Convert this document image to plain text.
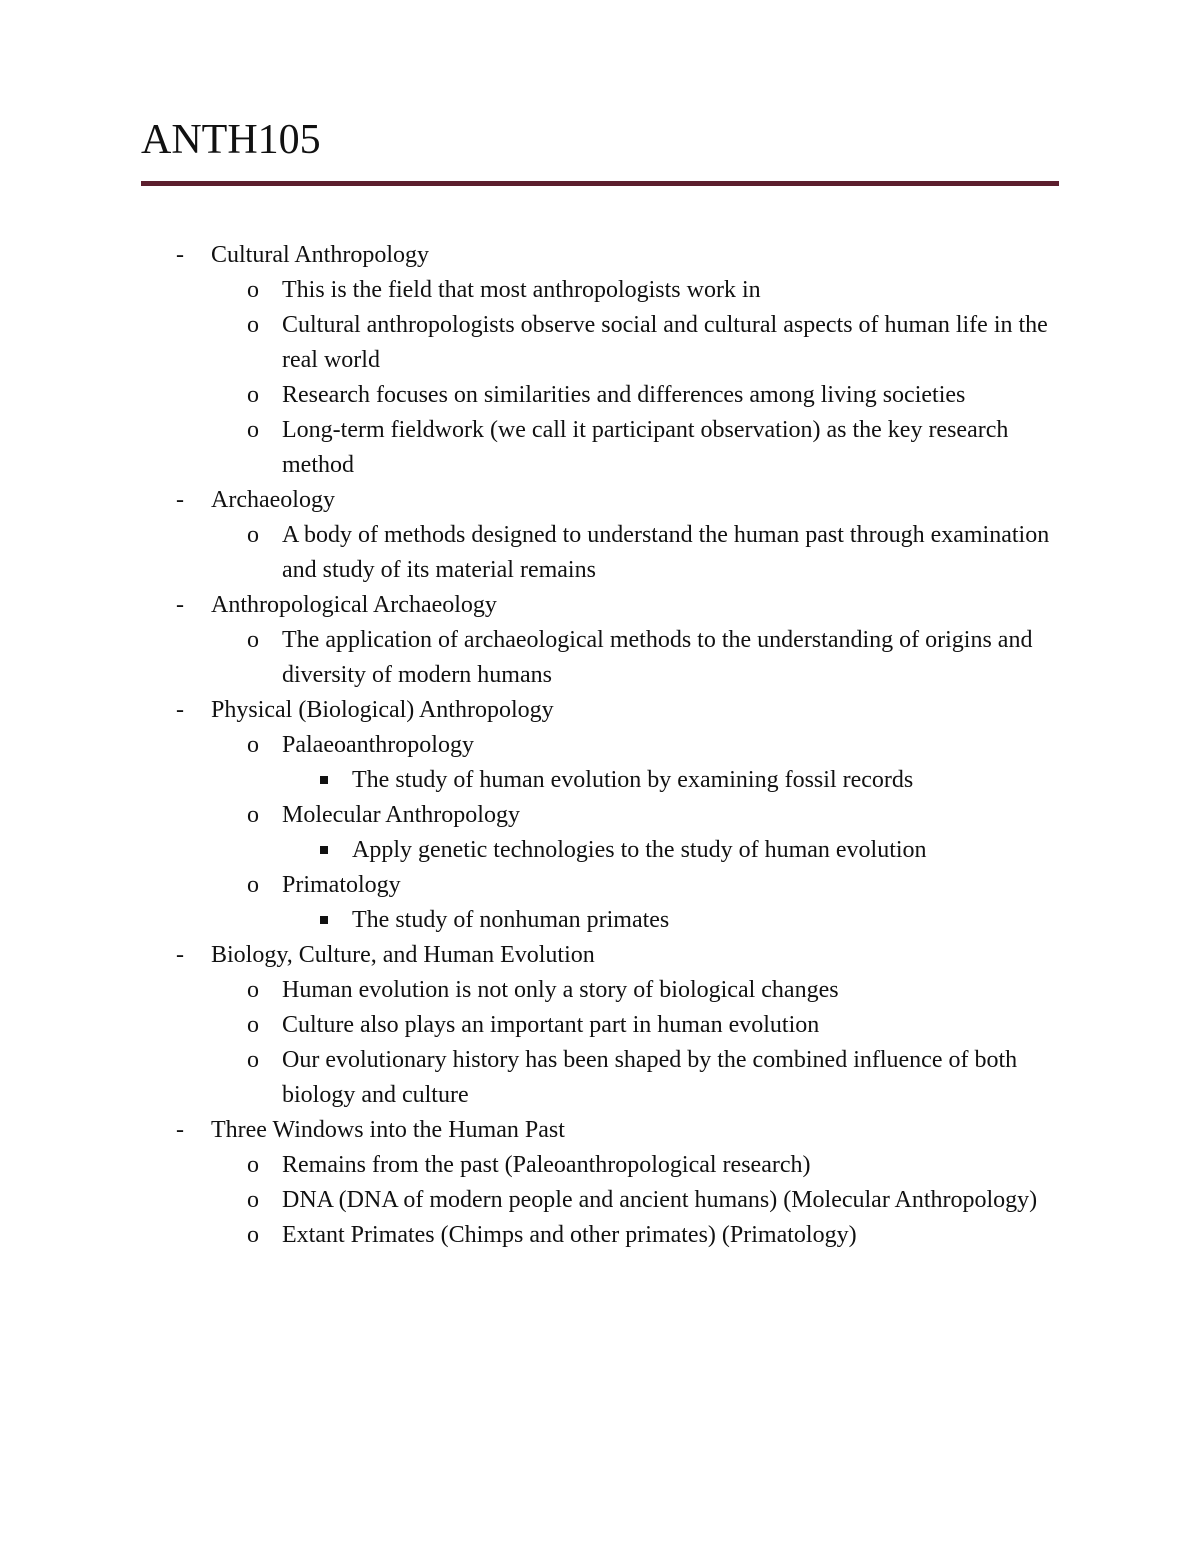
ANTH105
- Cultural Anthropology
o This is the field that most anthropologists work in
o Cultural anthropologists observe social and cultural aspects of human life in the real world
o Research focuses on similarities and differences among living societies
o Long-term fieldwork (we call it participant observation) as the key research method
- Archaeology
o A body of methods designed to understand the human past through examination and study of its material remains
- Anthropological Archaeology
o The application of archaeological methods to the understanding of origins and diversity of modern humans
- Physical (Biological) Anthropology
o Palaeoanthropology
The study of human evolution by examining fossil records
o Molecular Anthropology
Apply genetic technologies to the study of human evolution
o Primatology
The study of nonhuman primates
- Biology, Culture, and Human Evolution
o Human evolution is not only a story of biological changes
o Culture also plays an important part in human evolution
o Our evolutionary history has been shaped by the combined influence of both biology and culture
- Three Windows into the Human Past
o Remains from the past (Paleoanthropological research)
o DNA (DNA of modern people and ancient humans) (Molecular Anthropology)
o Extant Primates (Chimps and other primates) (Primatology)
